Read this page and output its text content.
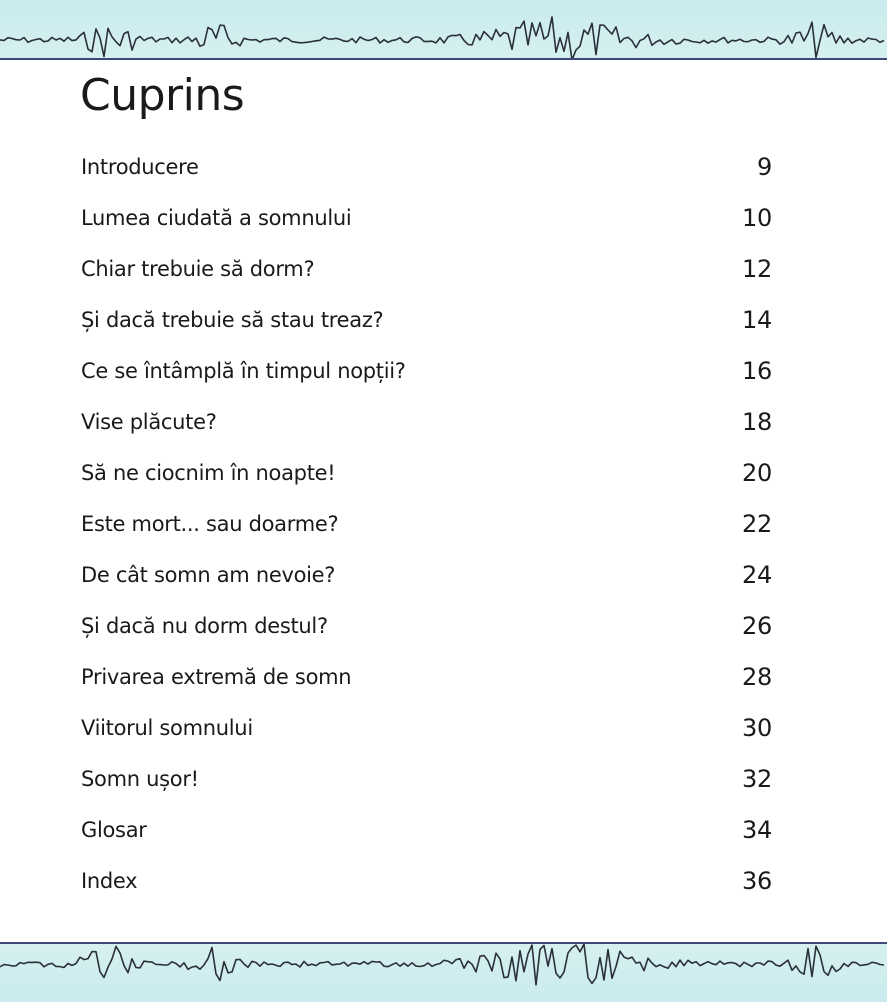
Cuprins
Introducere	9
Lumea ciudată a somnului	10
Chiar trebuie să dorm?	12
Și dacă trebuie să stau treaz?	14
Ce se întâmplă în timpul nopții?	16
Vise plăcute?	18
Să ne ciocnim în noapte!	20
Este mort... sau doarme?	22
De cât somn am nevoie?	24
Și dacă nu dorm destul?	26
Privarea extremă de somn	28
Viitorul somnului	30
Somn ușor!	32
Glosar	34
Index	36
